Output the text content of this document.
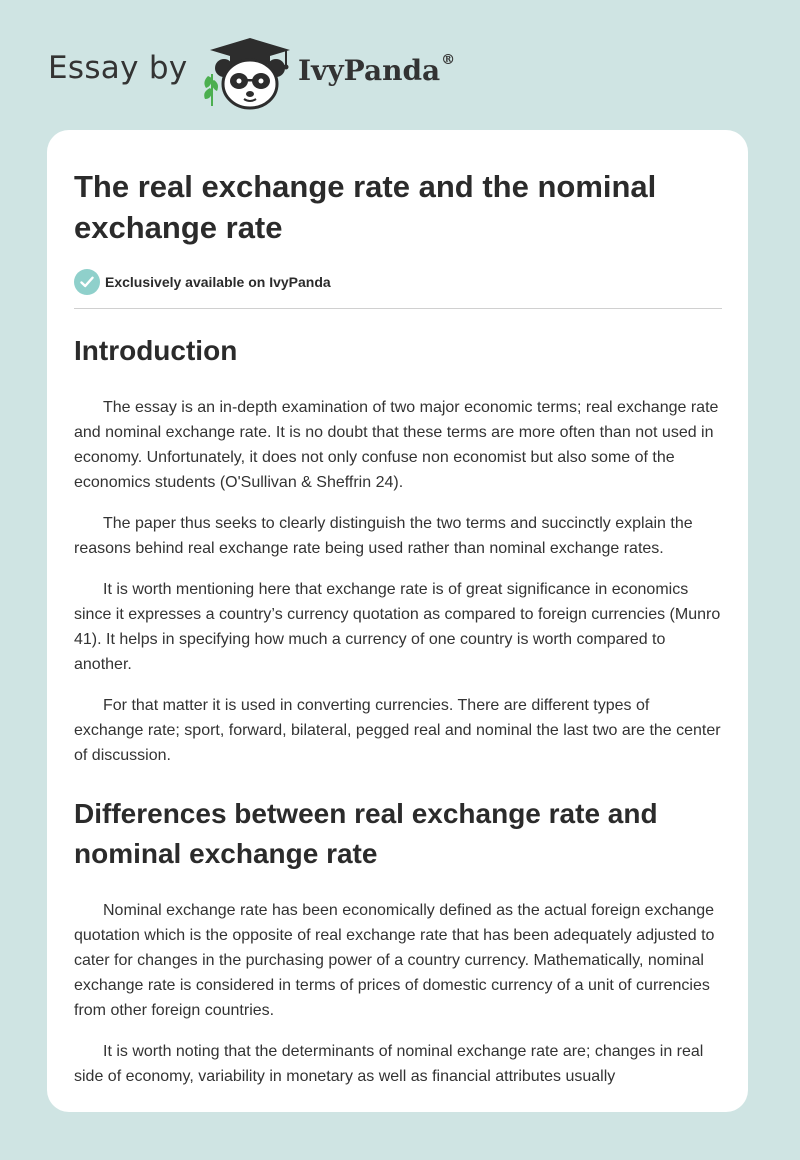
Essay by	IvyPanda®
The real exchange rate and the nominal exchange rate
Exclusively available on IvyPanda
Introduction

The essay is an in-depth examination of two major economic terms; real exchange rate and nominal exchange rate. It is no doubt that these terms are more often than not used in economy. Unfortunately, it does not only confuse non economist but also some of the economics students (O'Sullivan & Sheffrin 24).

The paper thus seeks to clearly distinguish the two terms and succinctly explain the reasons behind real exchange rate being used rather than nominal exchange rates.

It is worth mentioning here that exchange rate is of great significance in economics since it expresses a country’s currency quotation as compared to foreign currencies (Munro 41). It helps in specifying how much a currency of one country is worth compared to another.

For that matter it is used in converting currencies. There are different types of exchange rate; sport, forward, bilateral, pegged real and nominal the last two are the center of discussion.

Differences between real exchange rate and nominal exchange rate

Nominal exchange rate has been economically defined as the actual foreign exchange quotation which is the opposite of real exchange rate that has been adequately adjusted to cater for changes in the purchasing power of a country currency. Mathematically, nominal exchange rate is considered in terms of prices of domestic currency of a unit of currencies from other foreign countries.

It is worth noting that the determinants of nominal exchange rate are; changes in real side of economy, variability in monetary as well as financial attributes usually
